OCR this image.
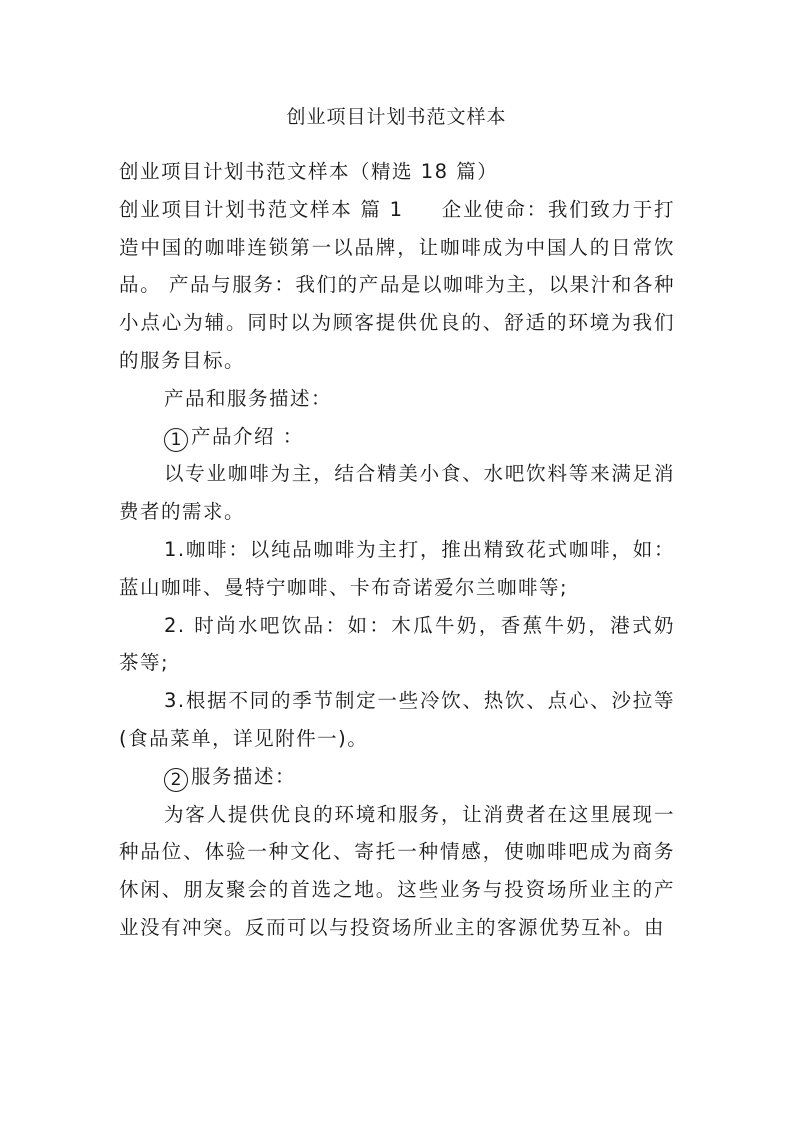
创业项目计划书范文样本

创业项目计划书范文样本（精选 18 篇）

创业项目计划书范文样本 篇 1 企业使命：我们致力于打造中国的咖啡连锁第一以品牌，让咖啡成为中国人的日常饮品。 产品与服务：我们的产品是以咖啡为主，以果汁和各种小点心为辅。同时以为顾客提供优良的、舒适的环境为我们的服务目标。

产品和服务描述：

1 产品介绍 ：

以专业咖啡为主，结合精美小食、水吧饮料等来满足消费者的需求。

1.咖啡：以纯品咖啡为主打，推出精致花式咖啡，如：蓝山咖啡、曼特宁咖啡、卡布奇诺爱尔兰咖啡等;

2. 时尚水吧饮品：如：木瓜牛奶，香蕉牛奶，港式奶茶等;

3.根据不同的季节制定一些冷饮、热饮、点心、沙拉等(食品菜单，详见附件一)。

2 服务描述：

为客人提供优良的环境和服务，让消费者在这里展现一种品位、体验一种文化、寄托一种情感，使咖啡吧成为商务休闲、朋友聚会的首选之地。这些业务与投资场所业主的产业没有冲突。反而可以与投资场所业主的客源优势互补。由
